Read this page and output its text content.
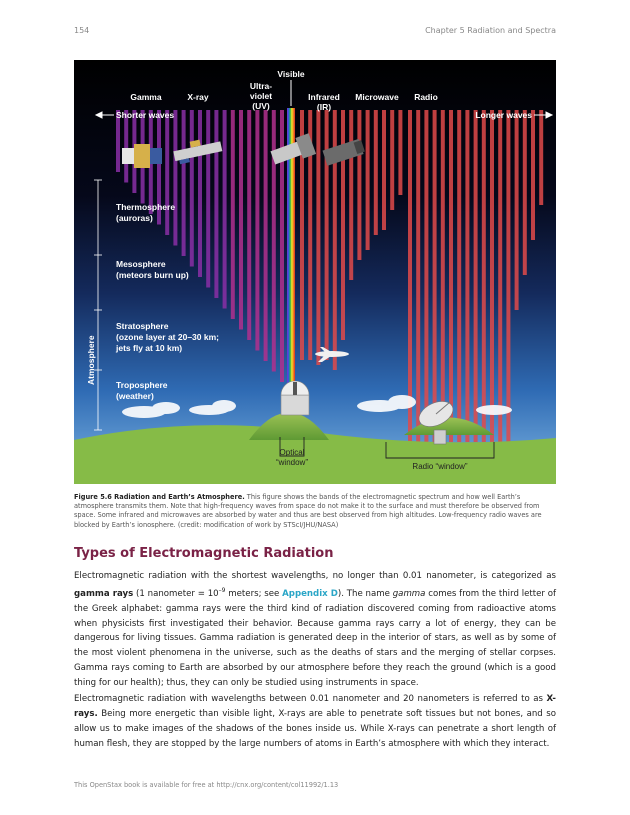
154	Chapter 5 Radiation and Spectra
Gamma	X-ray
Ultra-
violet
(UV)
Visible
Infrared
(IR)
Microwave Radio
Shorter waves	Longer waves
Atmosphere
Thermosphere
(auroras)
Mesosphere
(meteors burn up)
Stratosphere
(ozone layer at 20–30 km;
jets fly at 10 km)
Troposphere
(weather)
Optical
“window”	Radio “window”
Figure 5.6 Radiation and Earth’s Atmosphere. This figure shows the bands of the electromagnetic spectrum and how well Earth’s atmosphere transmits them. Note that high-frequency waves from space do not make it to the surface and must therefore be observed from space. Some infrared and microwaves are absorbed by water and thus are best observed from high altitudes. Low-frequency radio waves are blocked by Earth’s ionosphere. (credit: modification of work by STScI/JHU/NASA)
Types of Electromagnetic Radiation

Electromagnetic radiation with the shortest wavelengths, no longer than 0.01 nanometer, is categorized as gamma rays (1 nanometer = $10^{-9}$ meters; see Appendix D). The name gamma comes from the third letter of the Greek alphabet: gamma rays were the third kind of radiation discovered coming from radioactive atoms when physicists first investigated their behavior. Because gamma rays carry a lot of energy, they can be dangerous for living tissues. Gamma radiation is generated deep in the interior of stars, as well as by some of the most violent phenomena in the universe, such as the deaths of stars and the merging of stellar corpses. Gamma rays coming to Earth are absorbed by our atmosphere before they reach the ground (which is a good thing for our health); thus, they can only be studied using instruments in space.

Electromagnetic radiation with wavelengths between 0.01 nanometer and 20 nanometers is referred to as X-rays. Being more energetic than visible light, X-rays are able to penetrate soft tissues but not bones, and so allow us to make images of the shadows of the bones inside us. While X-rays can penetrate a short length of human flesh, they are stopped by the large numbers of atoms in Earth’s atmosphere with which they interact.

This OpenStax book is available for free at http://cnx.org/content/col11992/1.13
